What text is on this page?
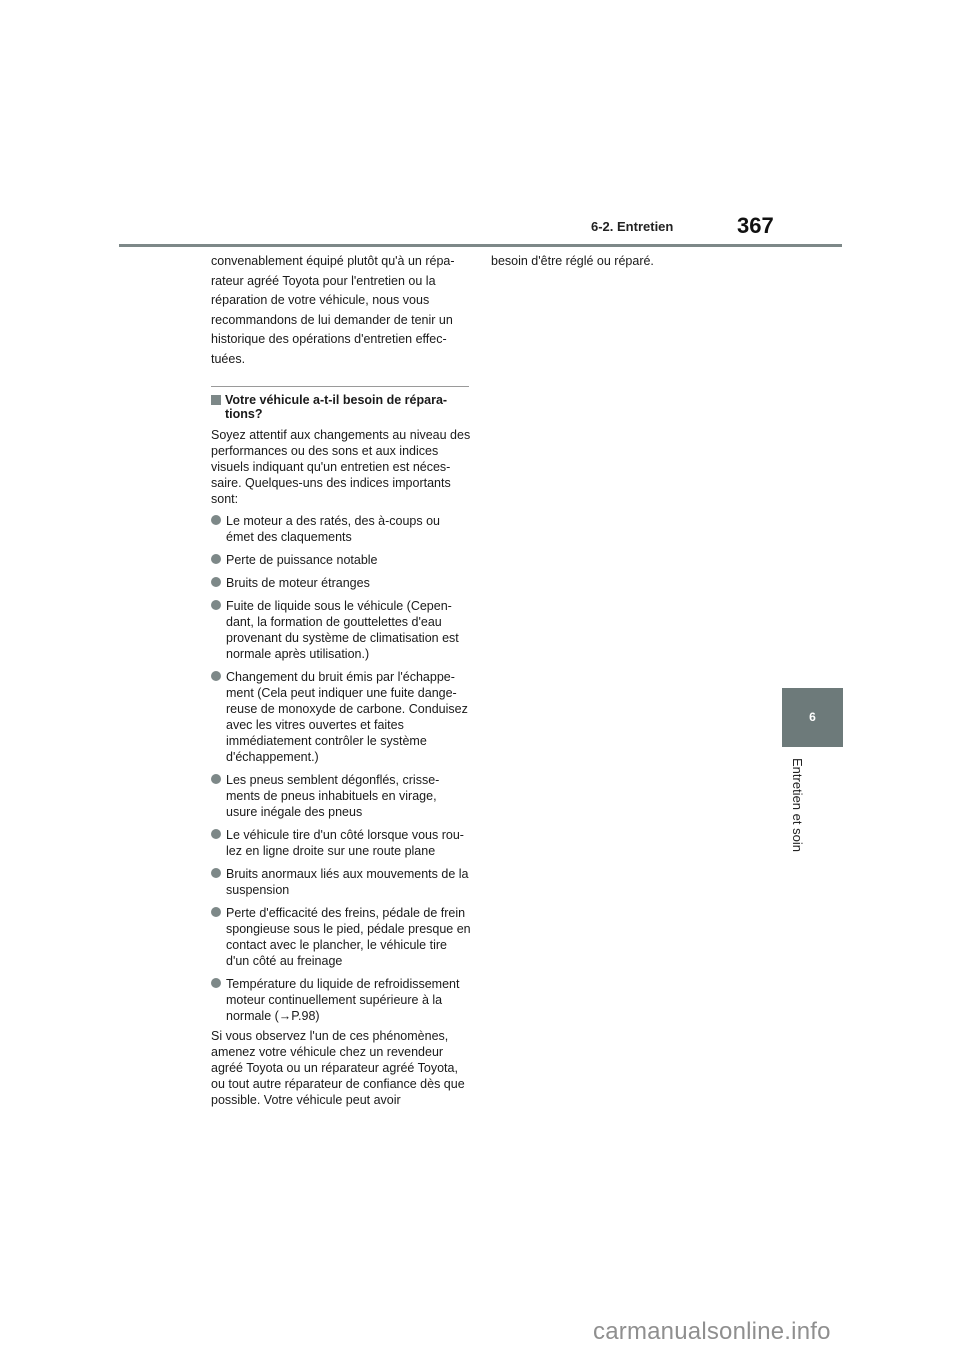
6-2. Entretien	367
6
Entretien et soin

convenablement équipé plutôt qu'à un répa-

rateur agréé Toyota pour l'entretien ou la

réparation de votre véhicule, nous vous

recommandons de lui demander de tenir un

historique des opérations d'entretien effec-

tuées.

Votre véhicule a-t-il besoin de répara-tions?

Soyez attentif aux changements au niveau des performances ou des sons et aux indices visuels indiquant qu'un entretien est néces-saire. Quelques-uns des indices importants sont:

Le moteur a des ratés, des à-coups ou émet des claquements
Perte de puissance notable
Bruits de moteur étranges
Fuite de liquide sous le véhicule (Cepen-dant, la formation de gouttelettes d'eau provenant du système de climatisation est normale après utilisation.)
Changement du bruit émis par l'échappe-ment (Cela peut indiquer une fuite dange-reuse de monoxyde de carbone. Conduisez avec les vitres ouvertes et faites immédiatement contrôler le système d'échappement.)
Les pneus semblent dégonflés, crisse-ments de pneus inhabituels en virage, usure inégale des pneus
Le véhicule tire d'un côté lorsque vous rou-lez en ligne droite sur une route plane
Bruits anormaux liés aux mouvements de la suspension
Perte d'efficacité des freins, pédale de frein spongieuse sous le pied, pédale presque en contact avec le plancher, le véhicule tire d'un côté au freinage
Température du liquide de refroidissement moteur continuellement supérieure à la normale (→P.98)

Si vous observez l'un de ces phénomènes, amenez votre véhicule chez un revendeur agréé Toyota ou un réparateur agréé Toyota, ou tout autre réparateur de confiance dès que possible. Votre véhicule peut avoir

besoin d'être réglé ou réparé.

carmanualsonline.info
